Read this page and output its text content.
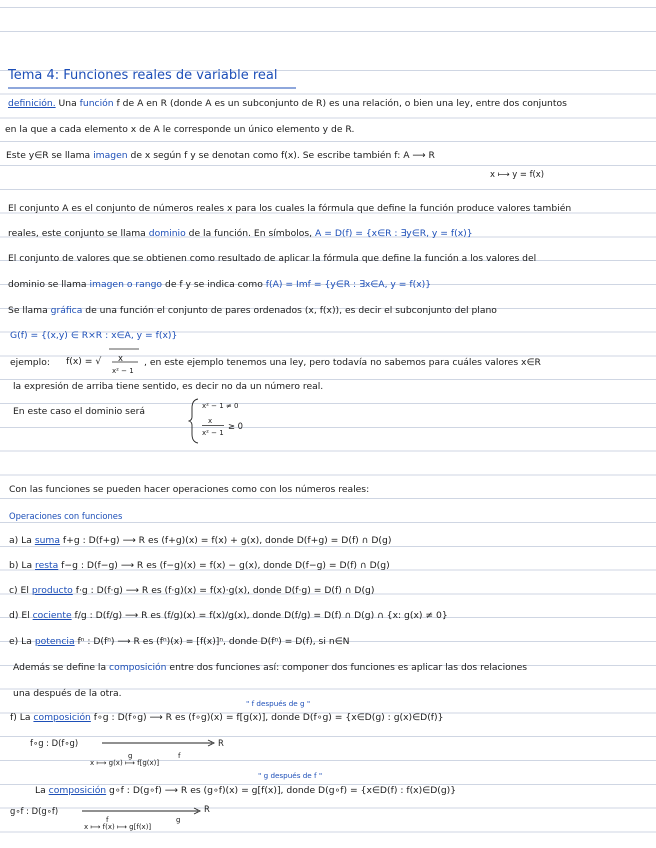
Tema 4: Funciones reales de variable real
definición. Una función f de A en R (donde A es un subconjunto de R) es una relación, o bien una ley, entre dos conjuntos
en la que a cada elemento x de A le corresponde un único elemento y de R.
Este y∈R se llama imagen de x según f y se denotan como f(x). Se escribe también f: A ⟶ R
x ⟼ y = f(x)
El conjunto A es el conjunto de números reales x para los cuales la fórmula que define la función produce valores también
reales, este conjunto se llama dominio de la función. En símbolos, A = D(f) = {x∈R : ∃y∈R, y = f(x)}
El conjunto de valores que se obtienen como resultado de aplicar la fórmula que define la función a los valores del
dominio se llama imagen o rango de f y se indica como f(A) = Imf = {y∈R : ∃x∈A, y = f(x)}
Se llama gráfica de una función el conjunto de pares ordenados (x, f(x)), es decir el subconjunto del plano
G(f) = {(x,y) ∈ R×R : x∈A, y = f(x)}
ejemplo: f(x) = √ x
x² − 1
, en este ejemplo tenemos una ley, pero todavía no sabemos para cuáles valores x∈R
la expresión de arriba tiene sentido, es decir no da un número real.
En este caso el dominio será	x² − 1 ≠ 0
x
x² − 1
≥ 0
Con las funciones se pueden hacer operaciones como con los números reales:
Operaciones con funciones
a) La suma f+g : D(f+g) ⟶ R es (f+g)(x) = f(x) + g(x), donde D(f+g) = D(f) ∩ D(g)
b) La resta f−g : D(f−g) ⟶ R es (f−g)(x) = f(x) − g(x), donde D(f−g) = D(f) ∩ D(g)
c) El producto f·g : D(f·g) ⟶ R es (f·g)(x) = f(x)·g(x), donde D(f·g) = D(f) ∩ D(g)
d) El cociente f/g : D(f/g) ⟶ R es (f/g)(x) = f(x)/g(x), donde D(f/g) = D(f) ∩ D(g) ∩ {x: g(x) ≠ 0}
e) La potencia fⁿ : D(fⁿ) ⟶ R es (fⁿ)(x) = [f(x)]ⁿ, donde D(fⁿ) = D(f), si n∈N
Además se define la composición entre dos funciones así: componer dos funciones es aplicar las dos relaciones
una después de la otra.
" f después de g "
f) La composición f∘g : D(f∘g) ⟶ R es (f∘g)(x) = f[g(x)], donde D(f∘g) = {x∈D(g) : g(x)∈D(f)}
f∘g : D(f∘g)	R
g	f
x ⟼ g(x) ⟼ f[g(x)]
" g después de f "
La composición g∘f : D(g∘f) ⟶ R es (g∘f)(x) = g[f(x)], donde D(g∘f) = {x∈D(f) : f(x)∈D(g)}
g∘f : D(g∘f)	R
f	g
x ⟼ f(x) ⟼ g[f(x)]
